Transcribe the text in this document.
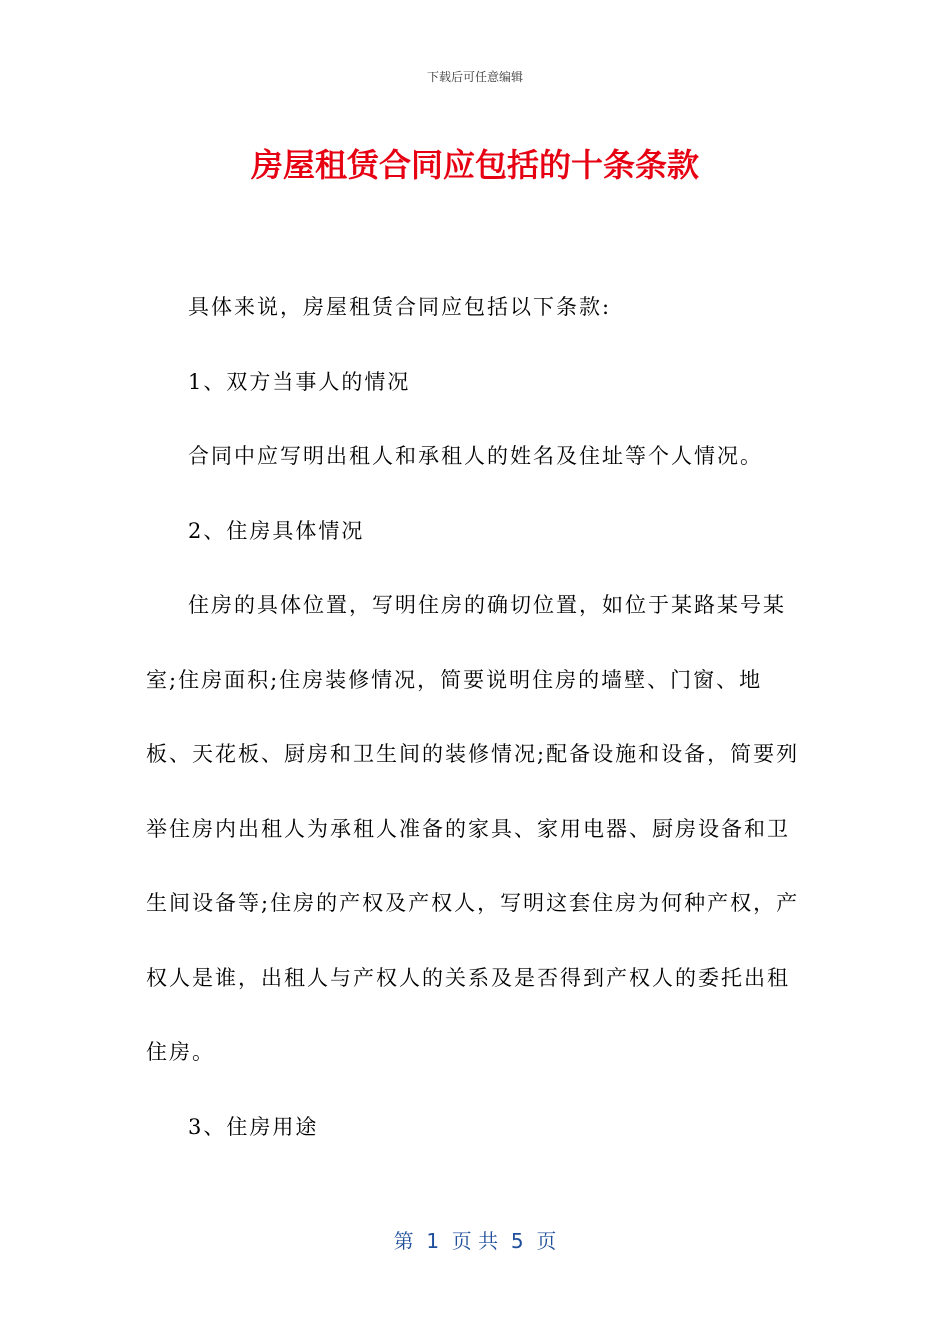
下载后可任意编辑
房屋租赁合同应包括的十条条款

具体来说，房屋租赁合同应包括以下条款:

1、双方当事人的情况

合同中应写明出租人和承租人的姓名及住址等个人情况。

2、住房具体情况

住房的具体位置，写明住房的确切位置，如位于某路某号某室;住房面积;住房装修情况，简要说明住房的墙壁、门窗、地板、天花板、厨房和卫生间的装修情况;配备设施和设备，简要列举住房内出租人为承租人准备的家具、家用电器、厨房设备和卫生间设备等;住房的产权及产权人，写明这套住房为何种产权，产权人是谁，出租人与产权人的关系及是否得到产权人的委托出租住房。

3、住房用途

第  1  页 共  5  页
